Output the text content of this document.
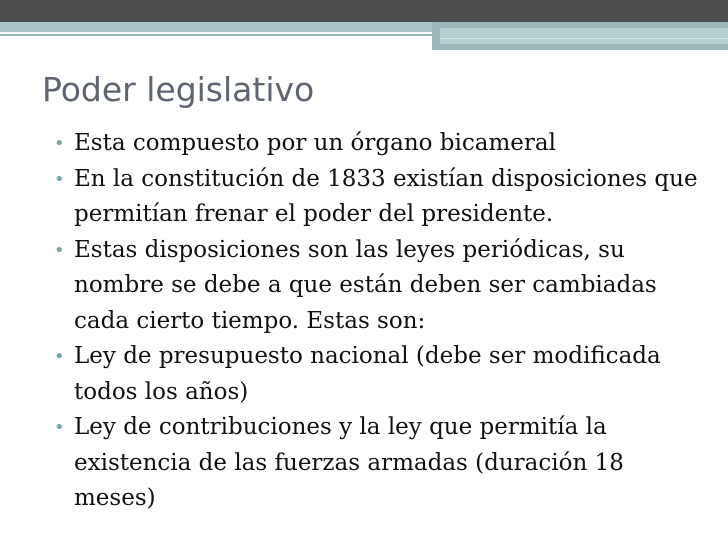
Poder legislativo
• Esta compuesto por un órgano bicameral
• En la constitución de 1833 existían disposiciones que permitían frenar el poder del presidente.
• Estas disposiciones son las leyes periódicas, su nombre se debe a que están deben ser cambiadas cada cierto tiempo. Estas son:
• Ley de presupuesto nacional (debe ser modificada todos los años)
• Ley de contribuciones y la ley que permitía la existencia de las fuerzas armadas (duración 18 meses)
